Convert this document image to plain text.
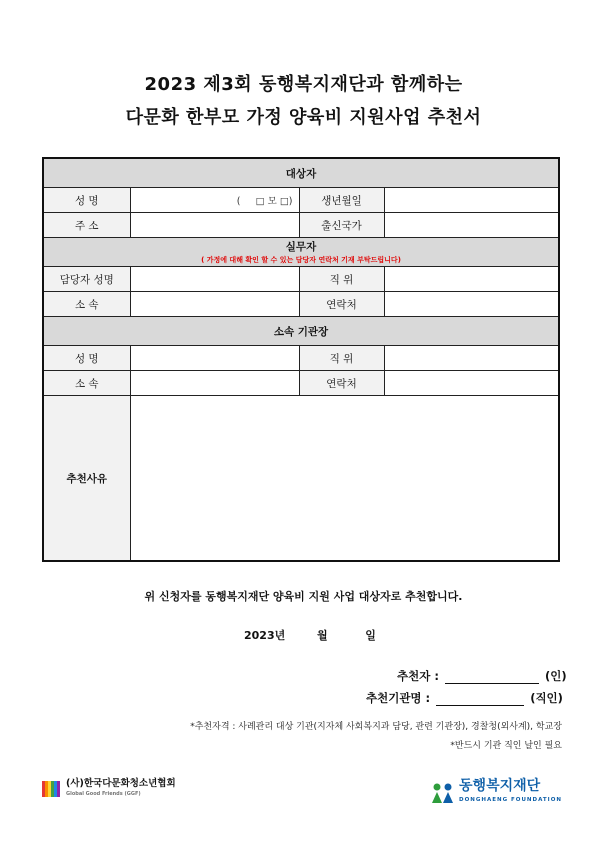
2023 제3회 동행복지재단과 함께하는
다문화 한부모 가정 양육비 지원사업 추천서
대상자			
성 명	( □ 모 □)	생년월일	
주 소		출신국가	
실무자
( 가정에 대해 확인 할 수 있는 담당자 연락처 기재 부탁드립니다)			

담당자 성명		직 위	
소 속		연락처	
소속 기관장			
성 명		직 위	
소 속		연락처	
추천사유			
위 신청자를 동행복지재단 양육비 지원 사업 대상자로 추천합니다.
2023년	월	일
추천자 :	(인)
추천기관명 :	(직인)
*추천자격 : 사례관리 대상 기관(지자체 사회복지과 담당, 관련 기관장), 경찰청(외사계), 학교장
*반드시 기관 직인 날인 필요
(사)한국다문화청소년협회
Global Good Friends (GGF)	동행복지재단
DONGHAENG FOUNDATION
